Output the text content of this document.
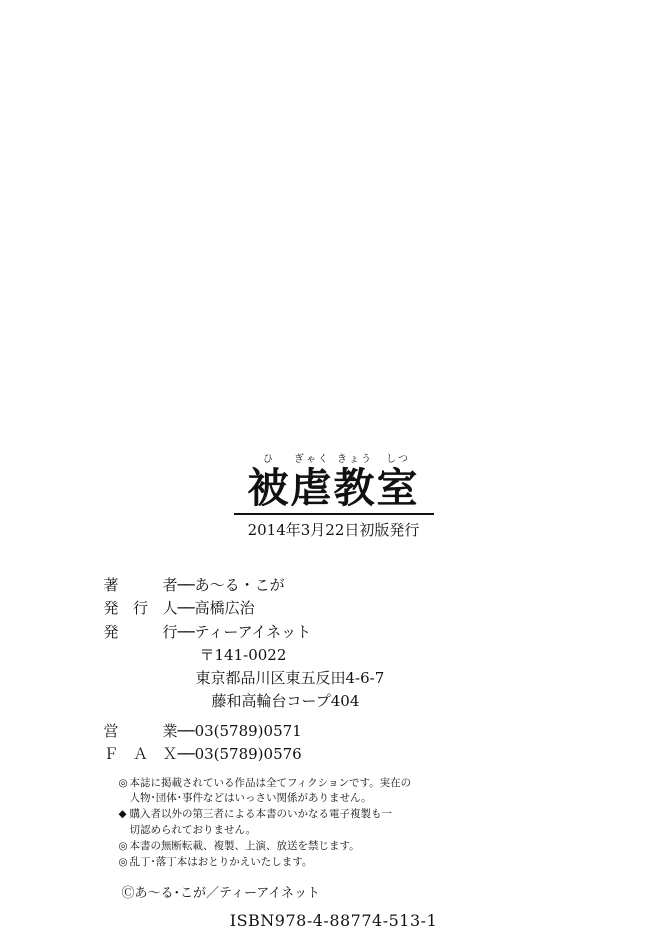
ひ ぎゃく きょう しつ
被虐教室
2014年3月22日初版発行
著　者 ── あ～る・こが
発行人 ── 高橋広治
発　行 ── ティーアイネット
〒141-0022
東京都品川区東五反田4-6-7
藤和高輪台コープ404
営　業 ── 03(5789)0571
ＦＡＸ ── 03(5789)0576
◎ 本誌に掲載されている作品は全てフィクションです。実在の
人物･団体･事件などはいっさい関係がありません。
◆ 購入者以外の第三者による本書のいかなる電子複製も一
切認められておりません。
◎ 本書の無断転載、複製、上演、放送を禁じます。
◎ 乱丁･落丁本はおとりかえいたします。
Ⓒあ～る･こが／ティーアイネット
ISBN978-4-88774-513-1
